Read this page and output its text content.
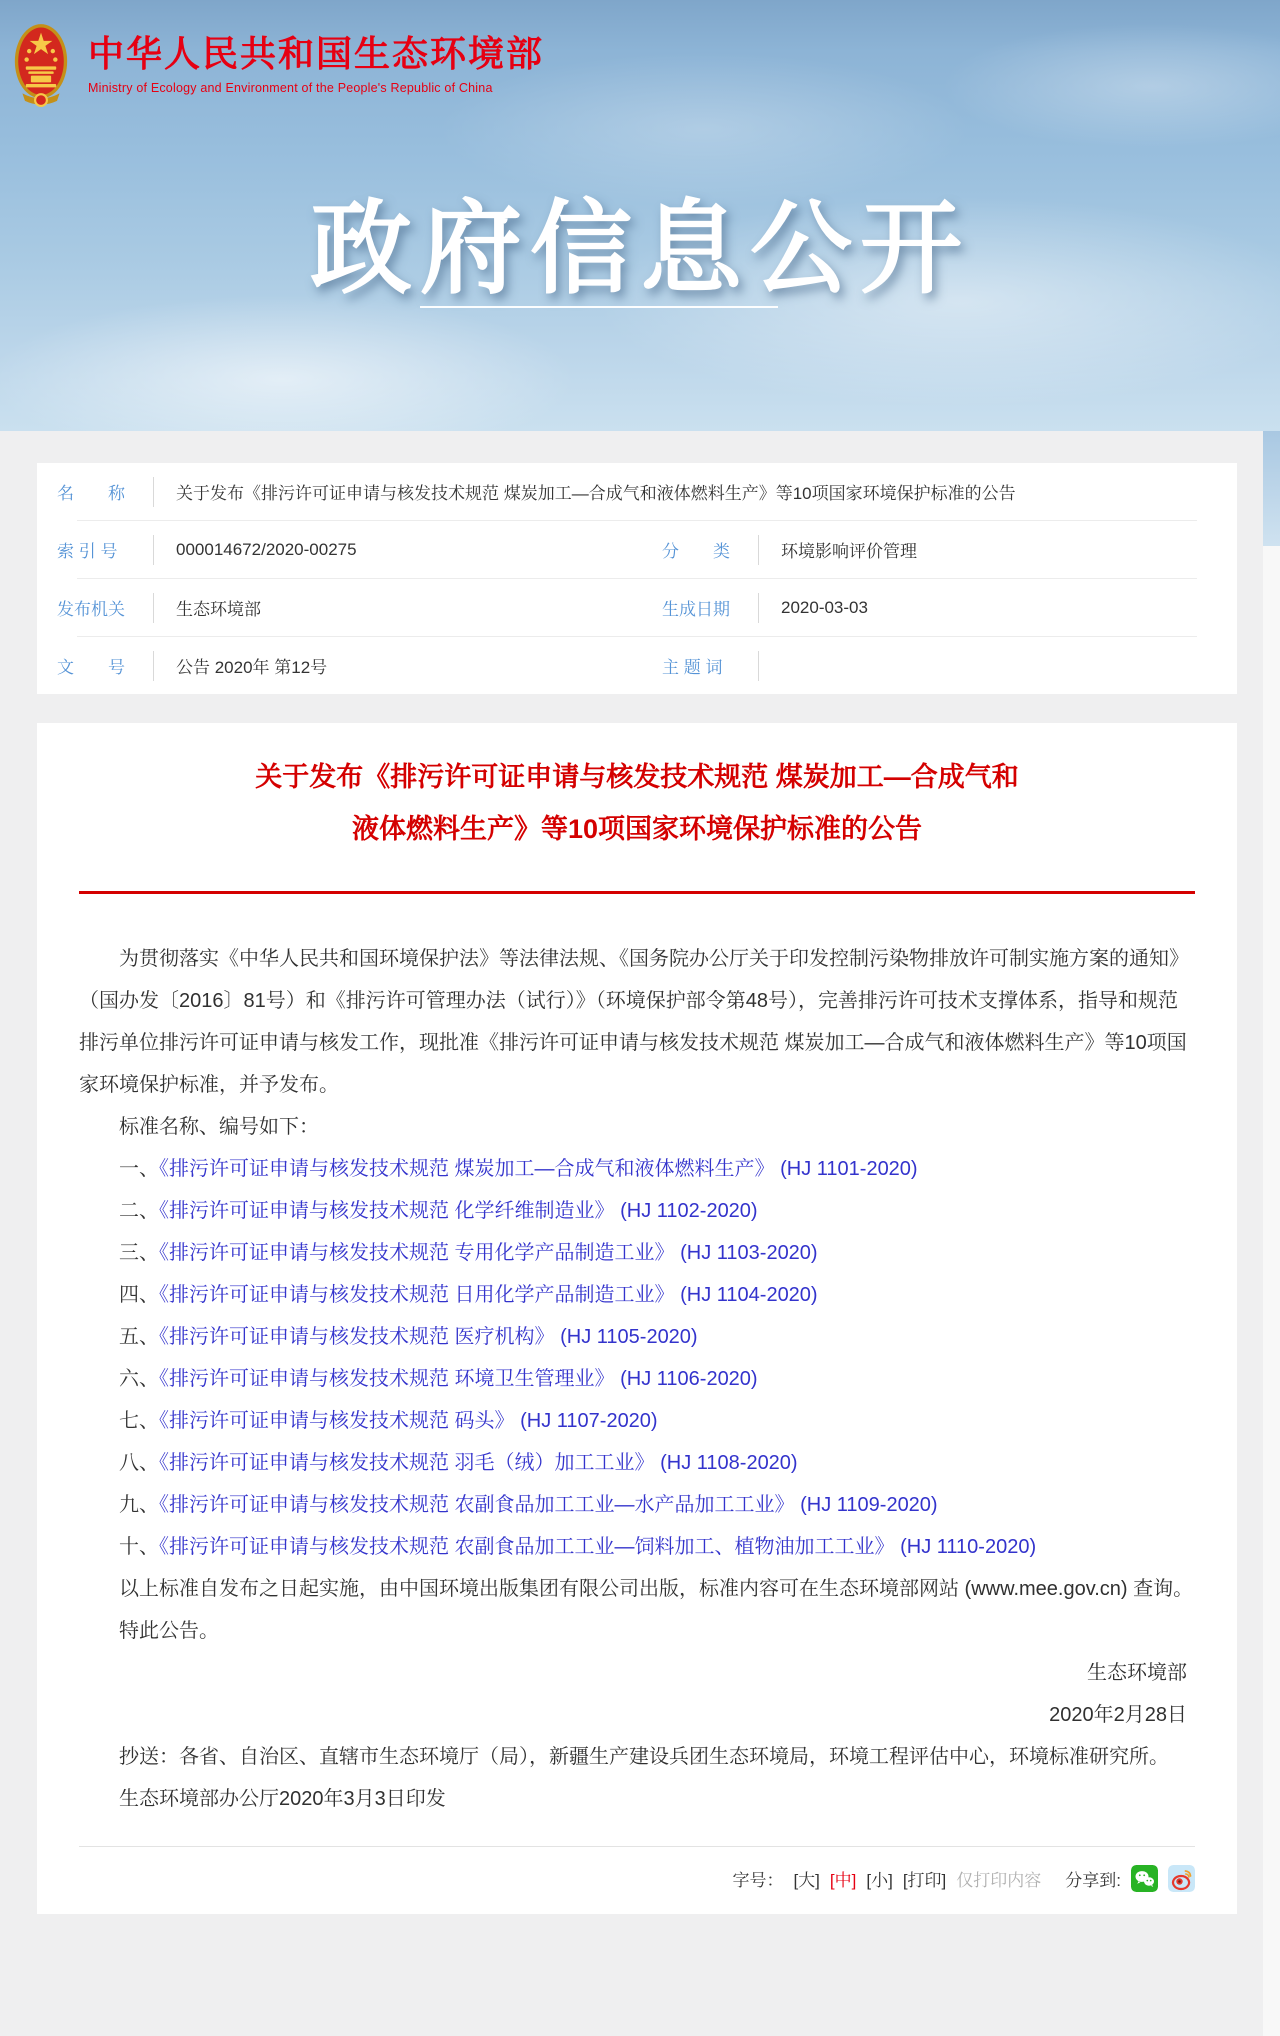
中华人民共和国生态环境部
Ministry of Ecology and Environment of the People's Republic of China
政府信息公开
名　　称	关于发布《排污许可证申请与核发技术规范 煤炭加工—合成气和液体燃料生产》等10项国家环境保护标准的公告
索 引 号	000014672/2020-00275	分　　类	环境影响评价管理
发布机关	生态环境部	生成日期	2020-03-03
文　　号	公告 2020年 第12号	主 题 词
关于发布《排污许可证申请与核发技术规范 煤炭加工—合成气和
液体燃料生产》等10项国家环境保护标准的公告
为贯彻落实《中华人民共和国环境保护法》等法律法规、《国务院办公厅关于印发控制污染物排放许可制实施方案的通知》（国办发〔2016〕81号）和《排污许可管理办法（试行）》（环境保护部令第48号），完善排污许可技术支撑体系，指导和规范排污单位排污许可证申请与核发工作，现批准《排污许可证申请与核发技术规范 煤炭加工—合成气和液体燃料生产》等10项国家环境保护标准，并予发布。
标准名称、编号如下：
一、《排污许可证申请与核发技术规范 煤炭加工—合成气和液体燃料生产》 (HJ 1101-2020)
二、《排污许可证申请与核发技术规范 化学纤维制造业》 (HJ 1102-2020)
三、《排污许可证申请与核发技术规范 专用化学产品制造工业》 (HJ 1103-2020)
四、《排污许可证申请与核发技术规范 日用化学产品制造工业》 (HJ 1104-2020)
五、《排污许可证申请与核发技术规范 医疗机构》 (HJ 1105-2020)
六、《排污许可证申请与核发技术规范 环境卫生管理业》 (HJ 1106-2020)
七、《排污许可证申请与核发技术规范 码头》 (HJ 1107-2020)
八、《排污许可证申请与核发技术规范 羽毛（绒）加工工业》 (HJ 1108-2020)
九、《排污许可证申请与核发技术规范 农副食品加工工业—水产品加工工业》 (HJ 1109-2020)
十、《排污许可证申请与核发技术规范 农副食品加工工业—饲料加工、植物油加工工业》 (HJ 1110-2020)
以上标准自发布之日起实施，由中国环境出版集团有限公司出版，标准内容可在生态环境部网站 (www.mee.gov.cn) 查询。
特此公告。
生态环境部
2020年2月28日
抄送：各省、自治区、直辖市生态环境厅（局），新疆生产建设兵团生态环境局，环境工程评估中心，环境标准研究所。
生态环境部办公厅2020年3月3日印发
字号： [大] [中] [小] [打印] 仅打印内容 分享到:
